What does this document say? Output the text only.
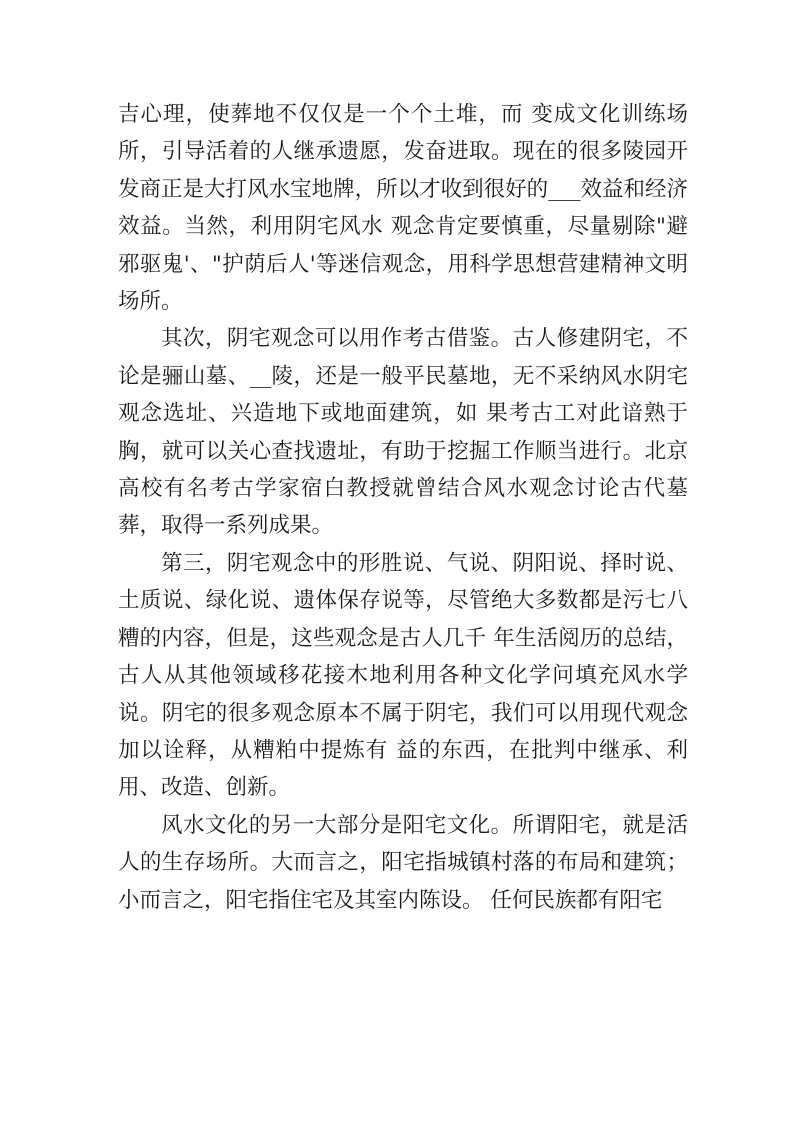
吉心理，使葬地不仅仅是一个个土堆，而 变成文化训练场所，引导活着的人继承遗愿，发奋进取。现在的很多陵园开发商正是大打风水宝地牌，所以才收到很好的___效益和经济效益。当然，利用阴宅风水 观念肯定要慎重，尽量剔除"避邪驱鬼'、"护荫后人'等迷信观念，用科学思想营建精神文明场所。

其次，阴宅观念可以用作考古借鉴。古人修建阴宅，不论是骊山墓、__陵，还是一般平民墓地，无不采纳风水阴宅观念选址、兴造地下或地面建筑，如 果考古工对此谙熟于胸，就可以关心查找遗址，有助于挖掘工作顺当进行。北京高校有名考古学家宿白教授就曾结合风水观念讨论古代墓葬，取得一系列成果。

第三，阴宅观念中的形胜说、气说、阴阳说、择时说、土质说、绿化说、遗体保存说等，尽管绝大多数都是污七八糟的内容，但是，这些观念是古人几千 年生活阅历的总结，古人从其他领域移花接木地利用各种文化学问填充风水学说。阴宅的很多观念原本不属于阴宅，我们可以用现代观念加以诠释，从糟粕中提炼有 益的东西，在批判中继承、利用、改造、创新。

风水文化的另一大部分是阳宅文化。所谓阳宅，就是活人的生存场所。大而言之，阳宅指城镇村落的布局和建筑；小而言之，阳宅指住宅及其室内陈设。 任何民族都有阳宅
